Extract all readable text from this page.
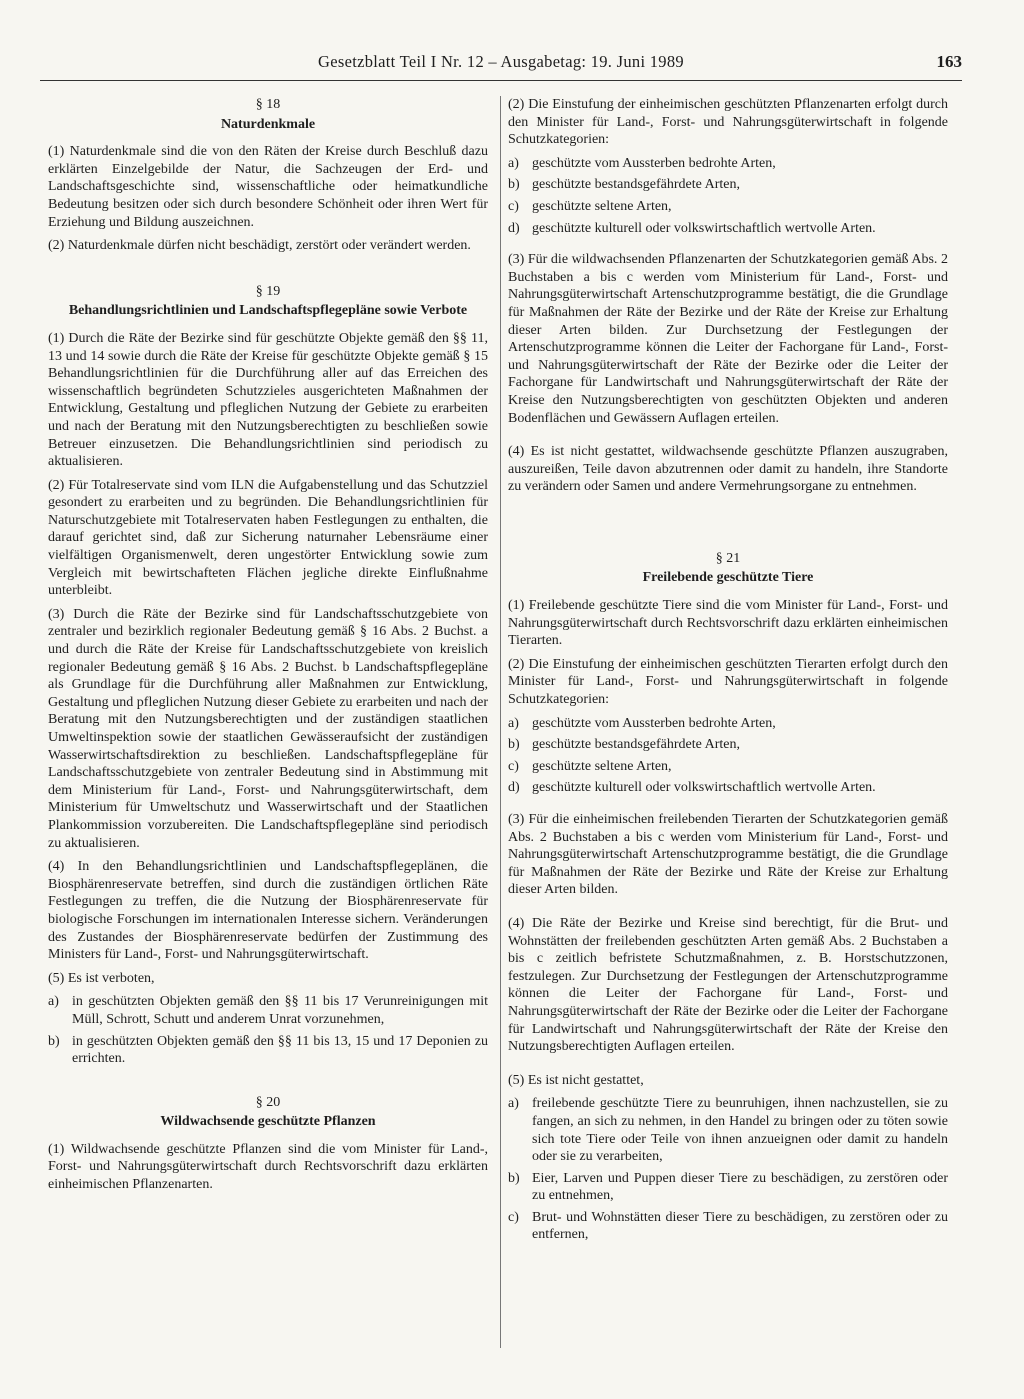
Gesetzblatt Teil I Nr. 12 – Ausgabetag: 19. Juni 1989	163
§ 18
Naturdenkmale

(1) Naturdenkmale sind die von den Räten der Kreise durch Beschluß dazu erklärten Einzelgebilde der Natur, die Sachzeugen der Erd- und Landschaftsgeschichte sind, wissenschaftliche oder heimatkundliche Bedeutung besitzen oder sich durch besondere Schönheit oder ihren Wert für Erziehung und Bildung auszeichnen.

(2) Naturdenkmale dürfen nicht beschädigt, zerstört oder verändert werden.

§ 19
Behandlungsrichtlinien und Landschaftspflegepläne sowie Verbote

(1) Durch die Räte der Bezirke sind für geschützte Objekte gemäß den §§ 11, 13 und 14 sowie durch die Räte der Kreise für geschützte Objekte gemäß § 15 Behandlungsrichtlinien für die Durchführung aller auf das Erreichen des wissenschaftlich begründeten Schutzzieles ausgerichteten Maßnahmen der Entwicklung, Gestaltung und pfleglichen Nutzung der Gebiete zu erarbeiten und nach der Beratung mit den Nutzungsberechtigten zu beschließen sowie Betreuer einzusetzen. Die Behandlungsrichtlinien sind periodisch zu aktualisieren.

(2) Für Totalreservate sind vom ILN die Aufgabenstellung und das Schutzziel gesondert zu erarbeiten und zu begründen. Die Behandlungsrichtlinien für Naturschutzgebiete mit Totalreservaten haben Festlegungen zu enthalten, die darauf gerichtet sind, daß zur Sicherung naturnaher Lebensräume einer vielfältigen Organismenwelt, deren ungestörter Entwicklung sowie zum Vergleich mit bewirtschafteten Flächen jegliche direkte Einflußnahme unterbleibt.

(3) Durch die Räte der Bezirke sind für Landschaftsschutzgebiete von zentraler und bezirklich regionaler Bedeutung gemäß § 16 Abs. 2 Buchst. a und durch die Räte der Kreise für Landschaftsschutzgebiete von kreislich regionaler Bedeutung gemäß § 16 Abs. 2 Buchst. b Landschaftspflegepläne als Grundlage für die Durchführung aller Maßnahmen zur Entwicklung, Gestaltung und pfleglichen Nutzung dieser Gebiete zu erarbeiten und nach der Beratung mit den Nutzungsberechtigten und der zuständigen staatlichen Umweltinspektion sowie der staatlichen Gewässeraufsicht der zuständigen Wasserwirtschaftsdirektion zu beschließen. Landschaftspflegepläne für Landschaftsschutzgebiete von zentraler Bedeutung sind in Abstimmung mit dem Ministerium für Land-, Forst- und Nahrungsgüterwirtschaft, dem Ministerium für Umweltschutz und Wasserwirtschaft und der Staatlichen Plankommission vorzubereiten. Die Landschaftspflegepläne sind periodisch zu aktualisieren.

(4) In den Behandlungsrichtlinien und Landschaftspflegeplänen, die Biosphärenreservate betreffen, sind durch die zuständigen örtlichen Räte Festlegungen zu treffen, die die Nutzung der Biosphärenreservate für biologische Forschungen im internationalen Interesse sichern. Veränderungen des Zustandes der Biosphärenreservate bedürfen der Zustimmung des Ministers für Land-, Forst- und Nahrungsgüterwirtschaft.

(5) Es ist verboten,

a) in geschützten Objekten gemäß den §§ 11 bis 17 Verunreinigungen mit Müll, Schrott, Schutt und anderem Unrat vorzunehmen,
b) in geschützten Objekten gemäß den §§ 11 bis 13, 15 und 17 Deponien zu errichten.
§ 20
Wildwachsende geschützte Pflanzen

(1) Wildwachsende geschützte Pflanzen sind die vom Minister für Land-, Forst- und Nahrungsgüterwirtschaft durch Rechtsvorschrift dazu erklärten einheimischen Pflanzenarten.

(2) Die Einstufung der einheimischen geschützten Pflanzenarten erfolgt durch den Minister für Land-, Forst- und Nahrungsgüterwirtschaft in folgende Schutzkategorien:

a) geschützte vom Aussterben bedrohte Arten,
b) geschützte bestandsgefährdete Arten,
c) geschützte seltene Arten,
d) geschützte kulturell oder volkswirtschaftlich wertvolle Arten.

(3) Für die wildwachsenden Pflanzenarten der Schutzkategorien gemäß Abs. 2 Buchstaben a bis c werden vom Ministerium für Land-, Forst- und Nahrungsgüterwirtschaft Artenschutzprogramme bestätigt, die die Grundlage für Maßnahmen der Räte der Bezirke und der Räte der Kreise zur Erhaltung dieser Arten bilden. Zur Durchsetzung der Festlegungen der Artenschutzprogramme können die Leiter der Fachorgane für Land-, Forst- und Nahrungsgüterwirtschaft der Räte der Bezirke oder die Leiter der Fachorgane für Landwirtschaft und Nahrungsgüterwirtschaft der Räte der Kreise den Nutzungsberechtigten von geschützten Objekten und anderen Bodenflächen und Gewässern Auflagen erteilen.

(4) Es ist nicht gestattet, wildwachsende geschützte Pflanzen auszugraben, auszureißen, Teile davon abzutrennen oder damit zu handeln, ihre Standorte zu verändern oder Samen und andere Vermehrungsorgane zu entnehmen.

§ 21
Freilebende geschützte Tiere

(1) Freilebende geschützte Tiere sind die vom Minister für Land-, Forst- und Nahrungsgüterwirtschaft durch Rechtsvorschrift dazu erklärten einheimischen Tierarten.

(2) Die Einstufung der einheimischen geschützten Tierarten erfolgt durch den Minister für Land-, Forst- und Nahrungsgüterwirtschaft in folgende Schutzkategorien:

a) geschützte vom Aussterben bedrohte Arten,
b) geschützte bestandsgefährdete Arten,
c) geschützte seltene Arten,
d) geschützte kulturell oder volkswirtschaftlich wertvolle Arten.

(3) Für die einheimischen freilebenden Tierarten der Schutzkategorien gemäß Abs. 2 Buchstaben a bis c werden vom Ministerium für Land-, Forst- und Nahrungsgüterwirtschaft Artenschutzprogramme bestätigt, die die Grundlage für Maßnahmen der Räte der Bezirke und Räte der Kreise zur Erhaltung dieser Arten bilden.

(4) Die Räte der Bezirke und Kreise sind berechtigt, für die Brut- und Wohnstätten der freilebenden geschützten Arten gemäß Abs. 2 Buchstaben a bis c zeitlich befristete Schutzmaßnahmen, z. B. Horstschutzzonen, festzulegen. Zur Durchsetzung der Festlegungen der Artenschutzprogramme können die Leiter der Fachorgane für Land-, Forst- und Nahrungsgüterwirtschaft der Räte der Bezirke oder die Leiter der Fachorgane für Landwirtschaft und Nahrungsgüterwirtschaft der Räte der Kreise den Nutzungsberechtigten Auflagen erteilen.

(5) Es ist nicht gestattet,

a) freilebende geschützte Tiere zu beunruhigen, ihnen nachzustellen, sie zu fangen, an sich zu nehmen, in den Handel zu bringen oder zu töten sowie sich tote Tiere oder Teile von ihnen anzueignen oder damit zu handeln oder sie zu verarbeiten,
b) Eier, Larven und Puppen dieser Tiere zu beschädigen, zu zerstören oder zu entnehmen,
c) Brut- und Wohnstätten dieser Tiere zu beschädigen, zu zerstören oder zu entfernen,
